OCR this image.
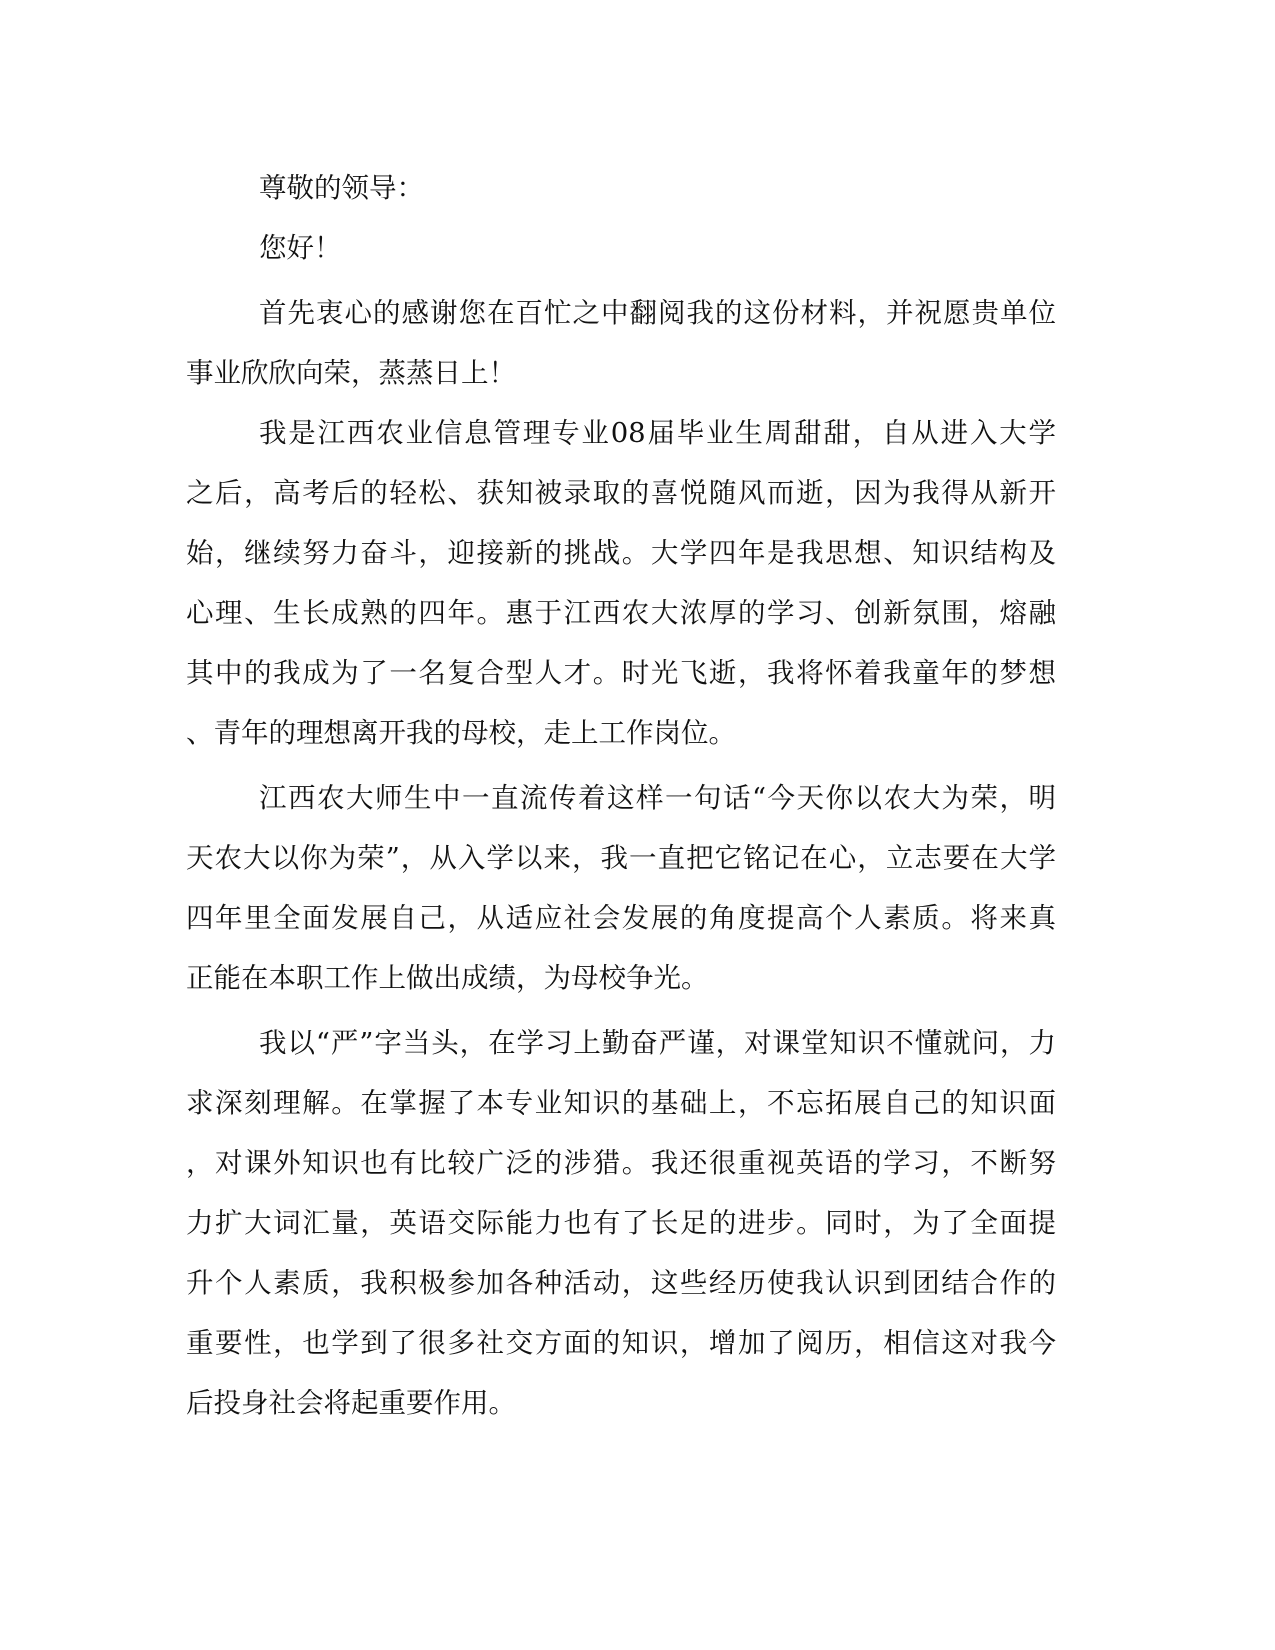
尊敬的领导：
您好！
首先衷心的感谢您在百忙之中翻阅我的这份材料，并祝愿贵单位
事业欣欣向荣，蒸蒸日上！
我是江西农业信息管理专业08届毕业生周甜甜，自从进入大学
之后，高考后的轻松、获知被录取的喜悦随风而逝，因为我得从新开
始，继续努力奋斗，迎接新的挑战。大学四年是我思想、知识结构及
心理、生长成熟的四年。惠于江西农大浓厚的学习、创新氛围，熔融
其中的我成为了一名复合型人才。时光飞逝，我将怀着我童年的梦想
、青年的理想离开我的母校，走上工作岗位。
江西农大师生中一直流传着这样一句话“今天你以农大为荣，明
天农大以你为荣”，从入学以来，我一直把它铭记在心，立志要在大学
四年里全面发展自己，从适应社会发展的角度提高个人素质。将来真
正能在本职工作上做出成绩，为母校争光。
我以“严”字当头，在学习上勤奋严谨，对课堂知识不懂就问，力
求深刻理解。在掌握了本专业知识的基础上，不忘拓展自己的知识面
，对课外知识也有比较广泛的涉猎。我还很重视英语的学习，不断努
力扩大词汇量，英语交际能力也有了长足的进步。同时，为了全面提
升个人素质，我积极参加各种活动，这些经历使我认识到团结合作的
重要性，也学到了很多社交方面的知识，增加了阅历，相信这对我今
后投身社会将起重要作用。
